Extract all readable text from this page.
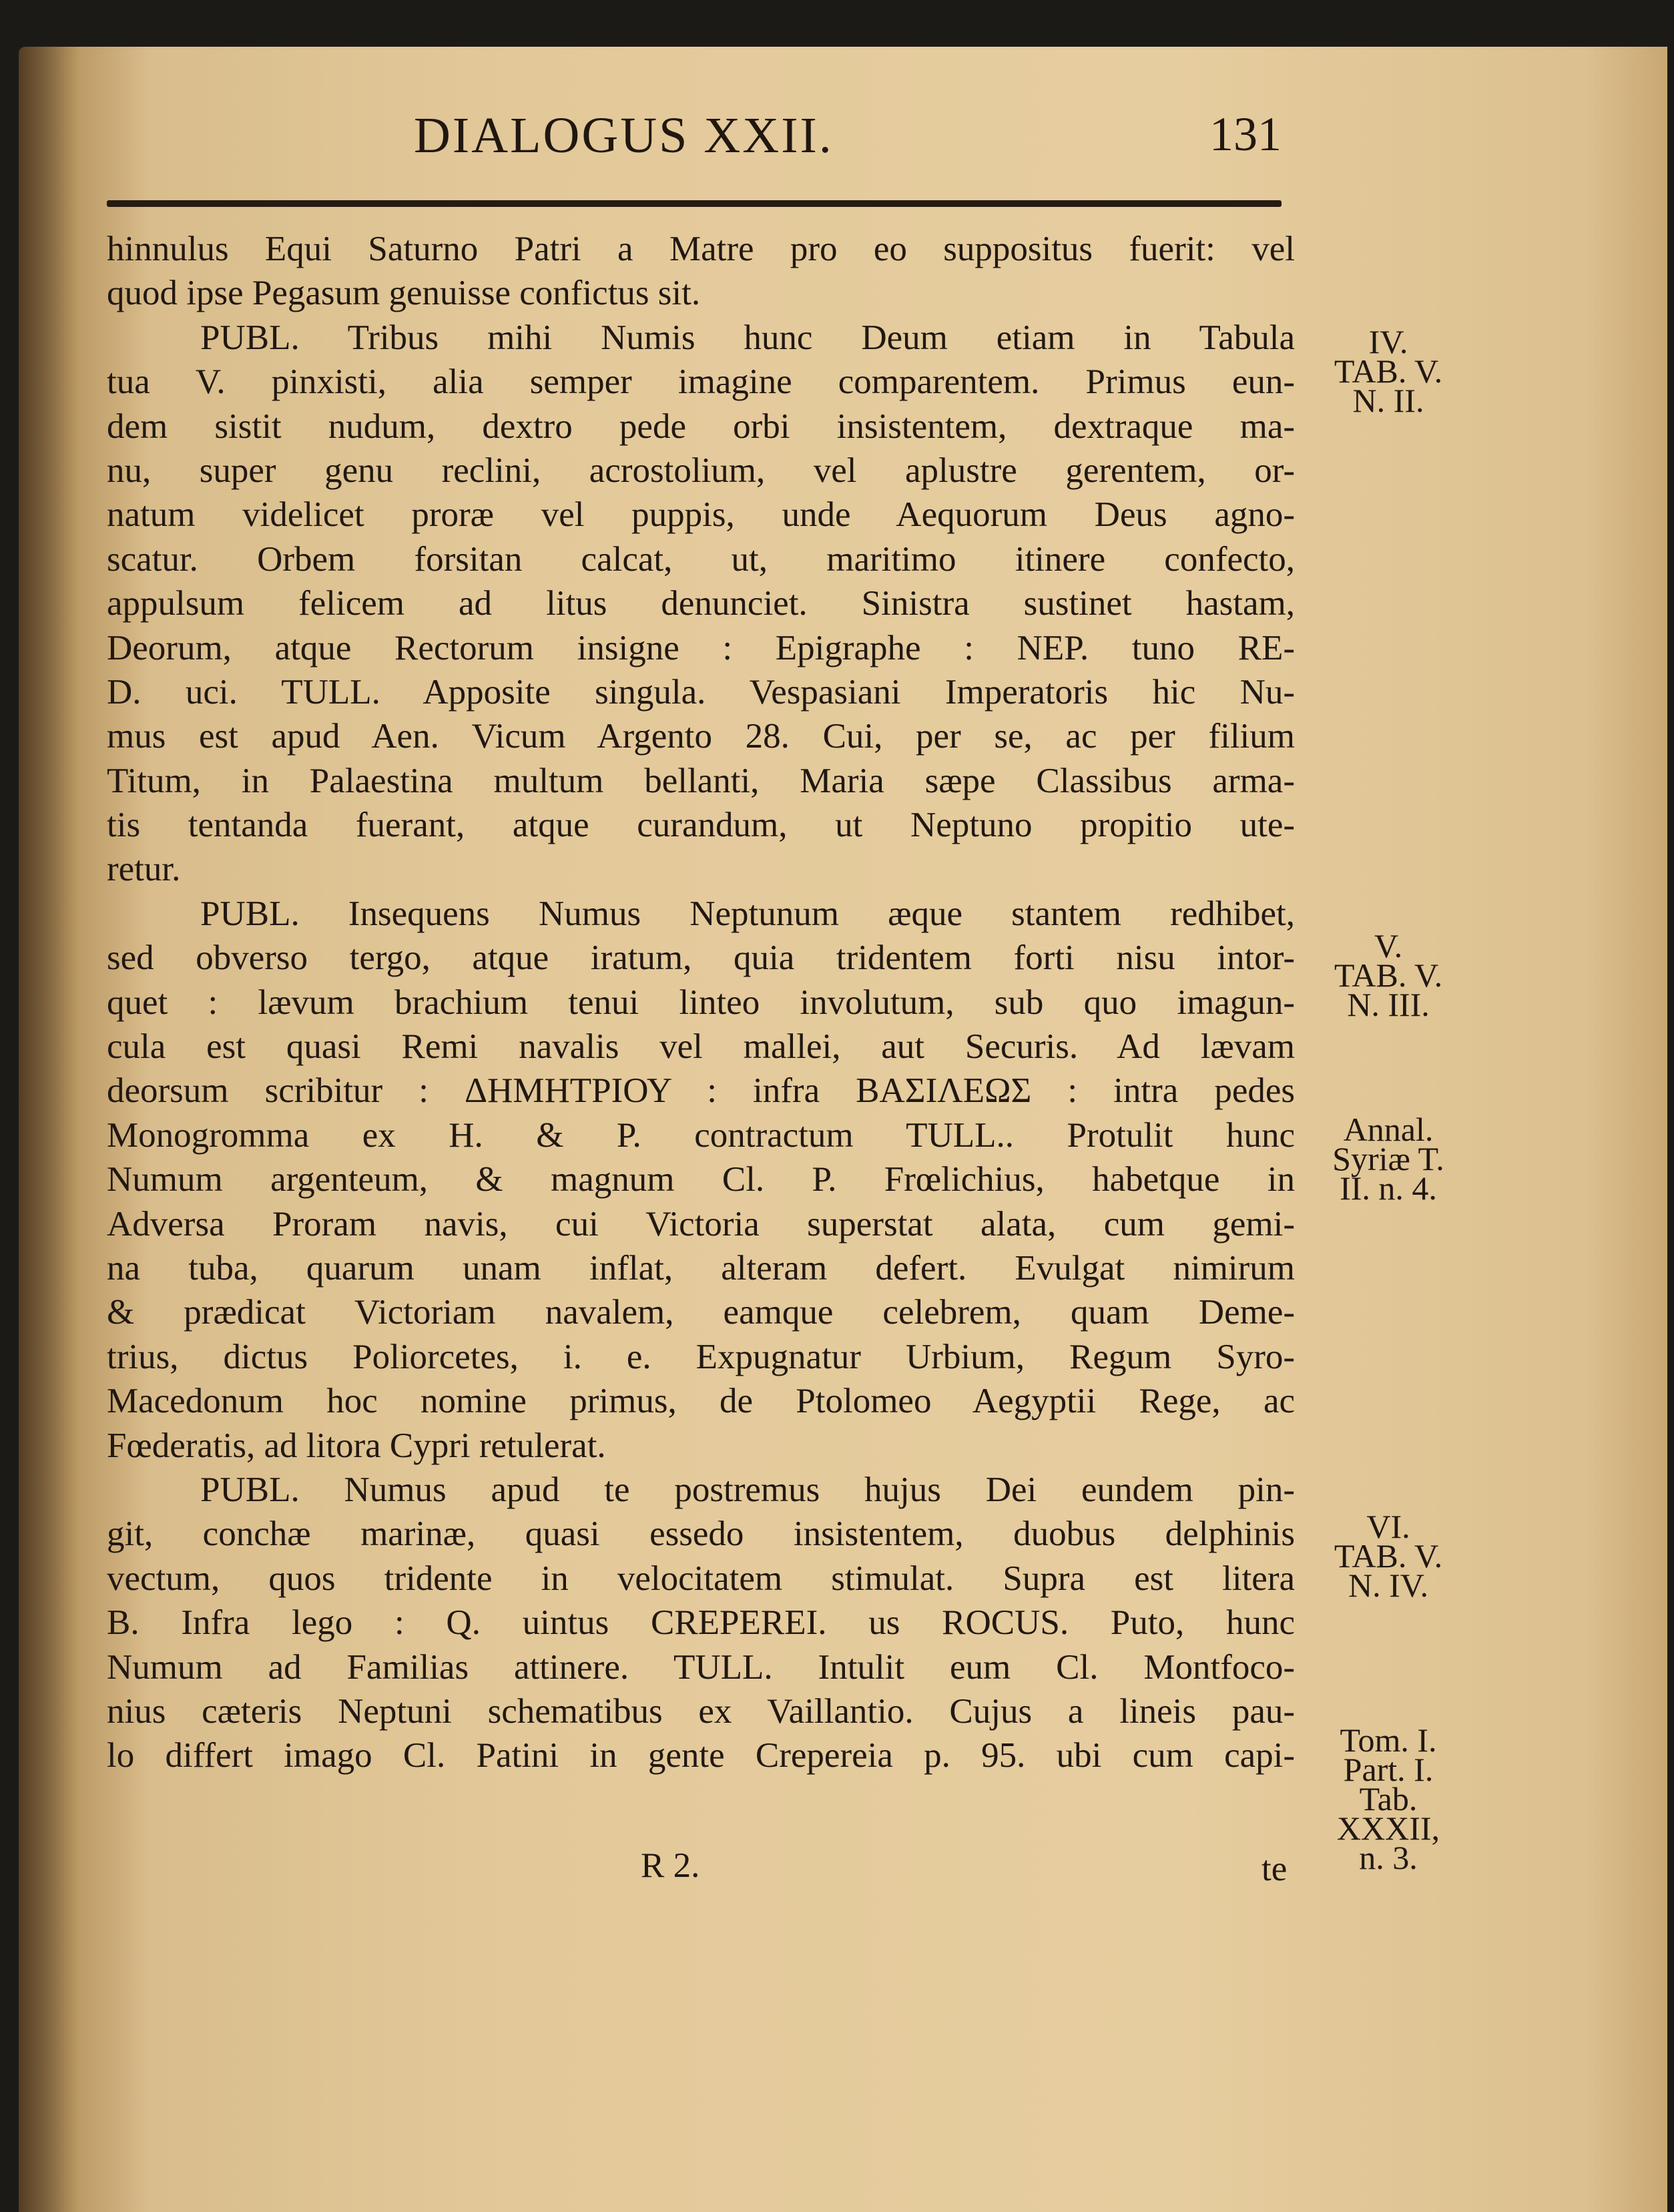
DIALOGUS XXII.	131
hinnulus Equi Saturno Patri a Matre pro eo suppositus fuerit: vel
quod ipse Pegasum genuisse confictus sit.
PUBL. Tribus mihi Numis hunc Deum etiam in Tabula
tua V. pinxisti, alia semper imagine comparentem. Primus eun-
dem sistit nudum, dextro pede orbi insistentem, dextraque ma-
nu, super genu reclini, acrostolium, vel aplustre gerentem, or-
natum videlicet proræ vel puppis, unde Aequorum Deus agno-
scatur. Orbem forsitan calcat, ut, maritimo itinere confecto,
appulsum felicem ad litus denunciet. Sinistra sustinet hastam,
Deorum, atque Rectorum insigne : Epigraphe : NEP. tuno RE-
D. uci. TULL. Apposite singula. Vespasiani Imperatoris hic Nu-
mus est apud Aen. Vicum Argento 28. Cui, per se, ac per filium
Titum, in Palaestina multum bellanti, Maria sæpe Classibus arma-
tis tentanda fuerant, atque curandum, ut Neptuno propitio ute-
retur.
PUBL. Insequens Numus Neptunum æque stantem redhibet,
sed obverso tergo, atque iratum, quia tridentem forti nisu intor-
quet : lævum brachium tenui linteo involutum, sub quo imagun-
cula est quasi Remi navalis vel mallei, aut Securis. Ad lævam
deorsum scribitur : ΔΗΜΗΤΡΙΟΥ : infra ΒΑΣΙΛΕΩΣ : intra pedes
Monogromma ex H. & P. contractum TULL.. Protulit hunc
Numum argenteum, & magnum Cl. P. Frœlichius, habetque in
Adversa Proram navis, cui Victoria superstat alata, cum gemi-
na tuba, quarum unam inflat, alteram defert. Evulgat nimirum
& prædicat Victoriam navalem, eamque celebrem, quam Deme-
trius, dictus Poliorcetes, i. e. Expugnatur Urbium, Regum Syro-
Macedonum hoc nomine primus, de Ptolomeo Aegyptii Rege, ac
Fœderatis, ad litora Cypri retulerat.
PUBL. Numus apud te postremus hujus Dei eundem pin-
git, conchæ marinæ, quasi essedo insistentem, duobus delphinis
vectum, quos tridente in velocitatem stimulat. Supra est litera
B. Infra lego : Q. uintus CREPEREI. us ROCUS. Puto, hunc
Numum ad Familias attinere. TULL. Intulit eum Cl. Montfoco-
nius cæteris Neptuni schematibus ex Vaillantio. Cujus a lineis pau-
lo differt imago Cl. Patini in gente Crepereia p. 95. ubi cum capi-
IV.
TAB. V.
N. II.
V.
TAB. V.
N. III.
Annal.
Syriæ T.
II. n. 4.
VI.
TAB. V.
N. IV.
Tom. I.
Part. I.
Tab.
XXXII,
n. 3.
R 2.	te
